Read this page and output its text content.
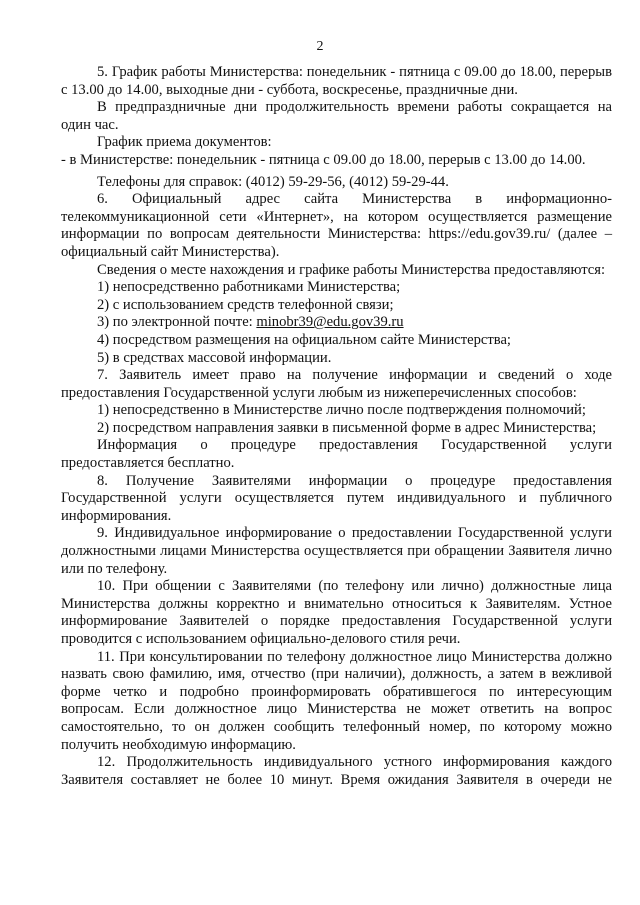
2

5. График работы Министерства: понедельник - пятница с 09.00 до 18.00, перерыв с 13.00 до 14.00, выходные дни - суббота, воскресенье, праздничные дни.

В предпраздничные дни продолжительность времени работы сокращается на один час.

График приема документов:

- в Министерстве: понедельник - пятница с 09.00 до 18.00, перерыв с 13.00 до 14.00.

Телефоны для справок: (4012) 59-29-56, (4012) 59-29-44.

6. Официальный адрес сайта Министерства в информационно-телекоммуникационной сети «Интернет», на котором осуществляется размещение информации по вопросам деятельности Министерства: https://edu.gov39.ru/ (далее – официальный сайт Министерства).

Сведения о месте нахождения и графике работы Министерства предоставляются:

1) непосредственно работниками Министерства;

2) с использованием средств телефонной связи;

3) по электронной почте: minobr39@edu.gov39.ru

4) посредством размещения на официальном сайте Министерства;

5) в средствах массовой информации.

7. Заявитель имеет право на получение информации и сведений о ходе предоставления Государственной услуги любым из нижеперечисленных способов:

1) непосредственно в Министерстве лично после подтверждения полномочий;

2) посредством направления заявки в письменной форме в адрес Министерства;

Информация о процедуре предоставления Государственной услуги предоставляется бесплатно.

8. Получение Заявителями информации о процедуре предоставления Государственной услуги осуществляется путем индивидуального и публичного информирования.

9. Индивидуальное информирование о предоставлении Государственной услуги должностными лицами Министерства осуществляется при обращении Заявителя лично или по телефону.

10. При общении с Заявителями (по телефону или лично) должностные лица Министерства должны корректно и внимательно относиться к Заявителям. Устное информирование Заявителей о порядке предоставления Государственной услуги проводится с использованием официально-делового стиля речи.

11. При консультировании по телефону должностное лицо Министерства должно назвать свою фамилию, имя, отчество (при наличии), должность, а затем в вежливой форме четко и подробно проинформировать обратившегося по интересующим вопросам. Если должностное лицо Министерства не может ответить на вопрос самостоятельно, то он должен сообщить телефонный номер, по которому можно получить необходимую информацию.

12. Продолжительность индивидуального устного информирования каждого Заявителя составляет не более 10 минут. Время ожидания Заявителя в очереди не
